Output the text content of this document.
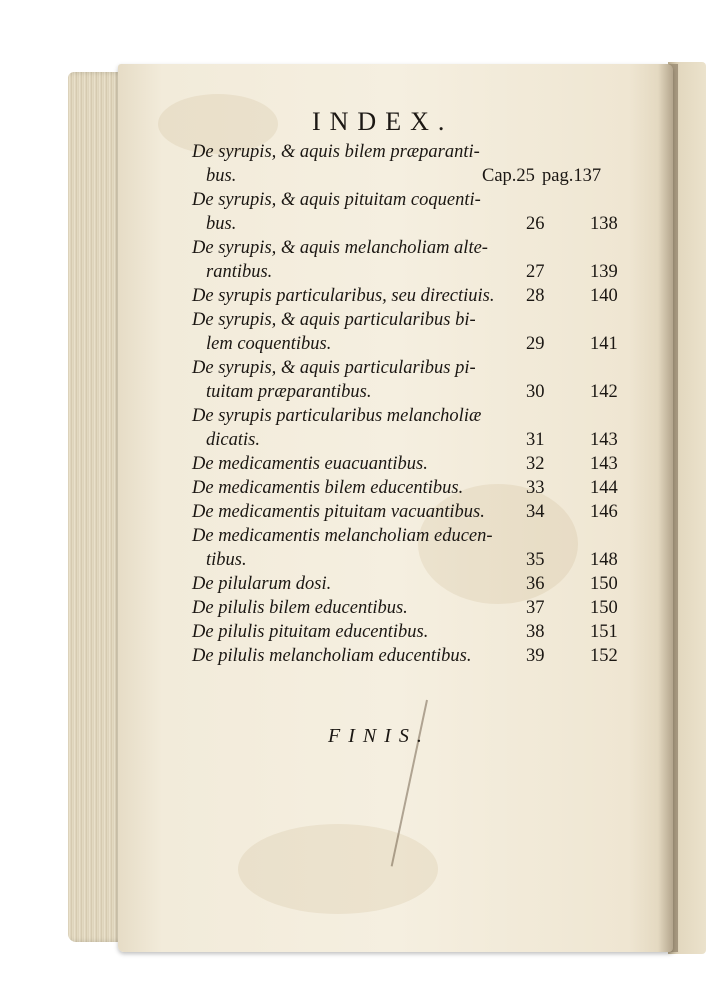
INDEX.
De syrupis, & aquis bilem præparanti-
bus.	Cap.25 pag.137
De syrupis, & aquis pituitam coquenti-
bus.	26 138
De syrupis, & aquis melancholiam alte-
rantibus.	27 139
De syrupis particularibus, seu directiuis. 28 140
De syrupis, & aquis particularibus bi-
lem coquentibus.	29 141
De syrupis, & aquis particularibus pi-
tuitam præparantibus.	30 142
De syrupis particularibus melancholiæ
dicatis.	31 143
De medicamentis euacuantibus.	32 143
De medicamentis bilem educentibus.	33 144
De medicamentis pituitam vacuantibus. 34 146
De medicamentis melancholiam educen-
tibus.	35 148
De pilularum dosi.	36 150
De pilulis bilem educentibus.	37 150
De pilulis pituitam educentibus.	38 151
De pilulis melancholiam educentibus.	39 152
FINIS.
